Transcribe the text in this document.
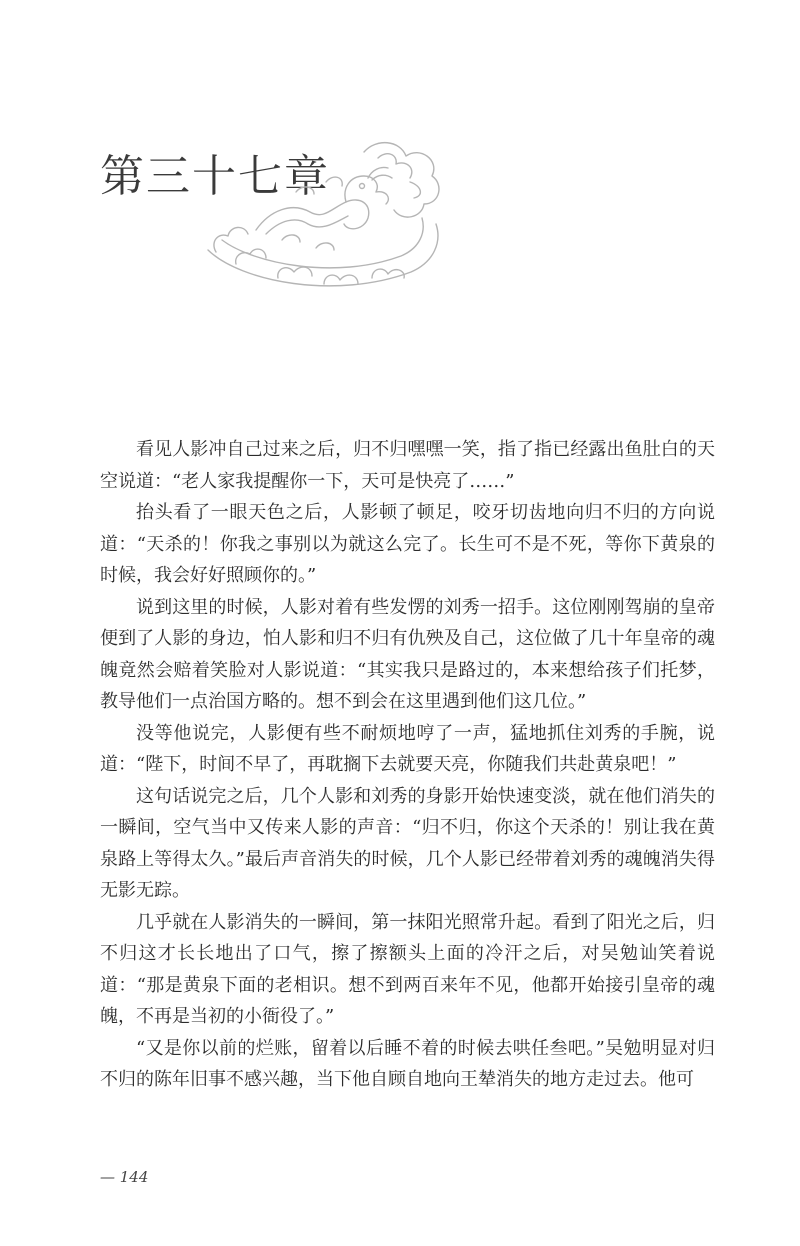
第三十七章

看见人影冲自己过来之后，归不归嘿嘿一笑，指了指已经露出鱼肚白的天空说道：“老人家我提醒你一下，天可是快亮了……”

抬头看了一眼天色之后，人影顿了顿足，咬牙切齿地向归不归的方向说道：“天杀的！你我之事别以为就这么完了。长生可不是不死，等你下黄泉的时候，我会好好照顾你的。”

说到这里的时候，人影对着有些发愣的刘秀一招手。这位刚刚驾崩的皇帝便到了人影的身边，怕人影和归不归有仇殃及自己，这位做了几十年皇帝的魂魄竟然会赔着笑脸对人影说道：“其实我只是路过的，本来想给孩子们托梦，教导他们一点治国方略的。想不到会在这里遇到他们这几位。”

没等他说完，人影便有些不耐烦地哼了一声，猛地抓住刘秀的手腕，说道：“陛下，时间不早了，再耽搁下去就要天亮，你随我们共赴黄泉吧！”

这句话说完之后，几个人影和刘秀的身影开始快速变淡，就在他们消失的一瞬间，空气当中又传来人影的声音：“归不归，你这个天杀的！别让我在黄泉路上等得太久。”最后声音消失的时候，几个人影已经带着刘秀的魂魄消失得无影无踪。

几乎就在人影消失的一瞬间，第一抹阳光照常升起。看到了阳光之后，归不归这才长长地出了口气，擦了擦额头上面的冷汗之后，对吴勉讪笑着说道：“那是黄泉下面的老相识。想不到两百来年不见，他都开始接引皇帝的魂魄，不再是当初的小衙役了。”

“又是你以前的烂账，留着以后睡不着的时候去哄任叁吧。”吴勉明显对归不归的陈年旧事不感兴趣，当下他自顾自地向王辇消失的地方走过去。他可

— 144
